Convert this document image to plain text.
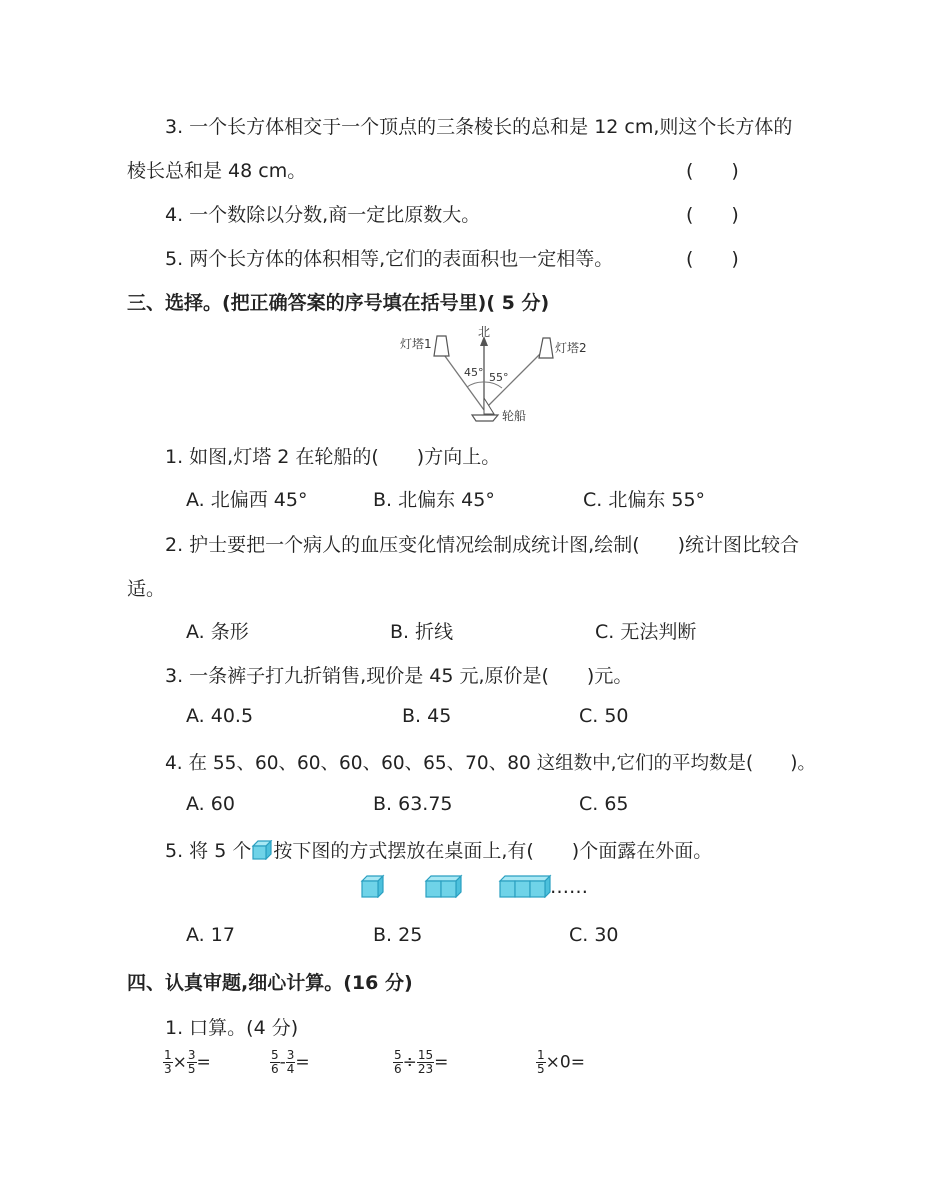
3. 一个长方体相交于一个顶点的三条棱长的总和是 12 cm,则这个长方体的
棱长总和是 48 cm。	(　　)
4. 一个数除以分数,商一定比原数大。	(　　)
5. 两个长方体的体积相等,它们的表面积也一定相等。	(　　)
三、选择。(把正确答案的序号填在括号里)( 5 分)
北
灯塔1	灯塔2
轮船
45° 55°
1. 如图,灯塔 2 在轮船的(　　)方向上。
A. 北偏西 45°	B. 北偏东 45°	C. 北偏东 55°
2. 护士要把一个病人的血压变化情况绘制成统计图,绘制(　　)统计图比较合
适。
A. 条形	B. 折线	C. 无法判断
3. 一条裤子打九折销售,现价是 45 元,原价是(　　)元。
A. 40.5	B. 45	C. 50
4. 在 55、60、60、60、60、65、70、80 这组数中,它们的平均数是(　　)。
A. 60	B. 63.75	C. 65
5. 将 5 个 按下图的方式摆放在桌面上,有(　　)个面露在外面。
……
A. 17	B. 25	C. 30
四、认真审题,细心计算。(16 分)
1. 口算。(4 分)
$\frac{1}{3} \times \frac{3}{5}$ =	$\frac{5}{6} - \frac{3}{4}$ =	$\frac{5}{6} \div \frac{15}{23}$ =	$\frac{1}{5} \times 0=$
